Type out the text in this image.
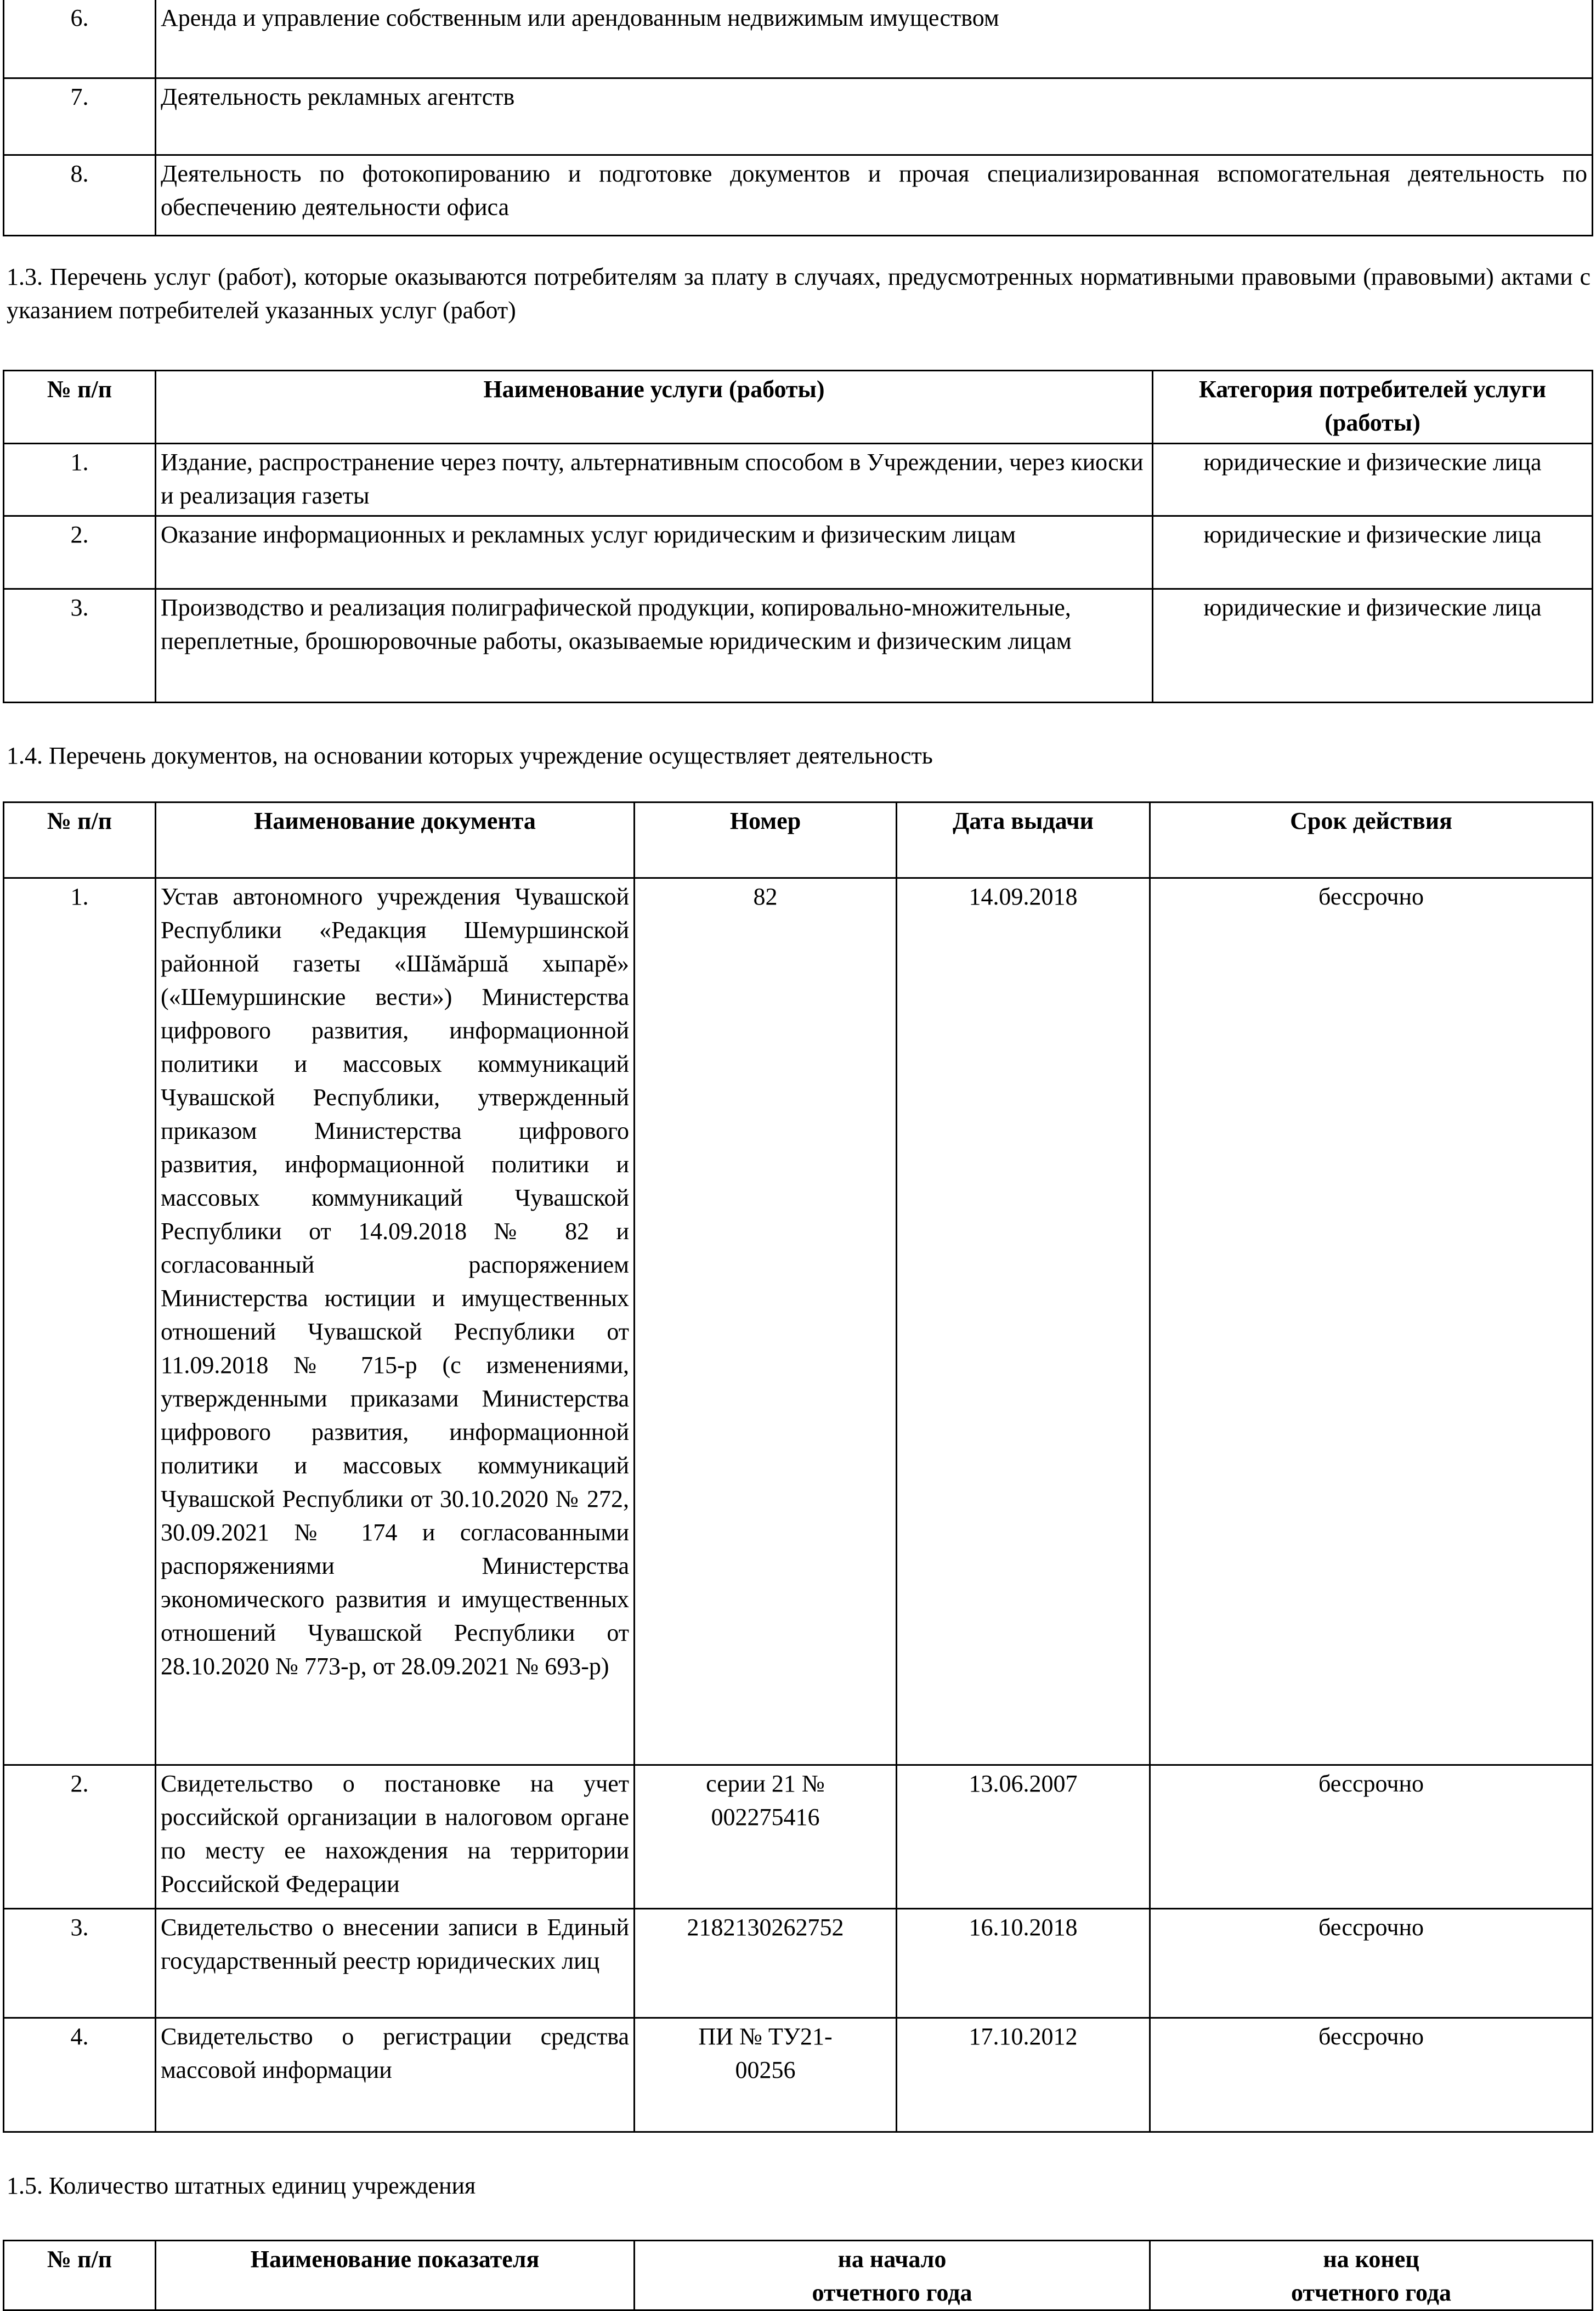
6.	Аренда и управление собственным или арендованным недвижимым имуществом
7.	Деятельность рекламных агентств
8.	Деятельность по фотокопированию и подготовке документов и прочая специализированная вспомогательная деятельность по обеспечению деятельности офиса
1.3. Перечень услуг (работ), которые оказываются потребителям за плату в случаях, предусмотренных нормативными правовыми (правовыми) актами с указанием потребителей указанных услуг (работ)
№ п/п	Наименование услуги (работы)	Категория потребителей услуги (работы)
1.	Издание, распространение через почту, альтернативным способом в Учреждении, через киоски и реализация газеты	юридические и физические лица
2.	Оказание информационных и рекламных услуг юридическим и физическим лицам	юридические и физические лица
3.	Производство и реализация полиграфической продукции, копировально-множительные, переплетные, брошюровочные работы, оказываемые юридическим и физическим лицам	юридические и физические лица
1.4. Перечень документов, на основании которых учреждение осуществляет деятельность
№ п/п	Наименование документа	Номер	Дата выдачи	Срок действия
1.	Устав автономного учреждения Чувашской Республики «Редакция Шемуршинской районной газеты «Шăмăршă хыпарĕ» («Шемуршинские вести») Министерства цифрового развития, информационной политики и массовых коммуникаций Чувашской Республики, утвержденный приказом Министерства цифрового развития, информационной политики и массовых коммуникаций Чувашской Республики от 14.09.2018 № 82 и согласованный распоряжением Министерства юстиции и имущественных отношений Чувашской Республики от 11.09.2018 № 715-р (с изменениями, утвержденными приказами Министерства цифрового развития, информационной политики и массовых коммуникаций Чувашской Республики от 30.10.2020 № 272, 30.09.2021 № 174 и согласованными распоряжениями Министерства экономического развития и имущественных отношений Чувашской Республики от 28.10.2020 № 773-р, от 28.09.2021 № 693-р)	82	14.09.2018	бессрочно
2.	Свидетельство о постановке на учет российской организации в налоговом органе по месту ее нахождения на территории Российской Федерации	серии 21 № 002275416	13.06.2007	бессрочно
3.	Свидетельство о внесении записи в Единый государственный реестр юридических лиц	2182130262752	16.10.2018	бессрочно
4.	Свидетельство о регистрации средства массовой информации	ПИ № ТУ21-00256	17.10.2012	бессрочно
1.5. Количество штатных единиц учреждения
№ п/п	Наименование показателя	на начало отчетного года	на конец отчетного года
